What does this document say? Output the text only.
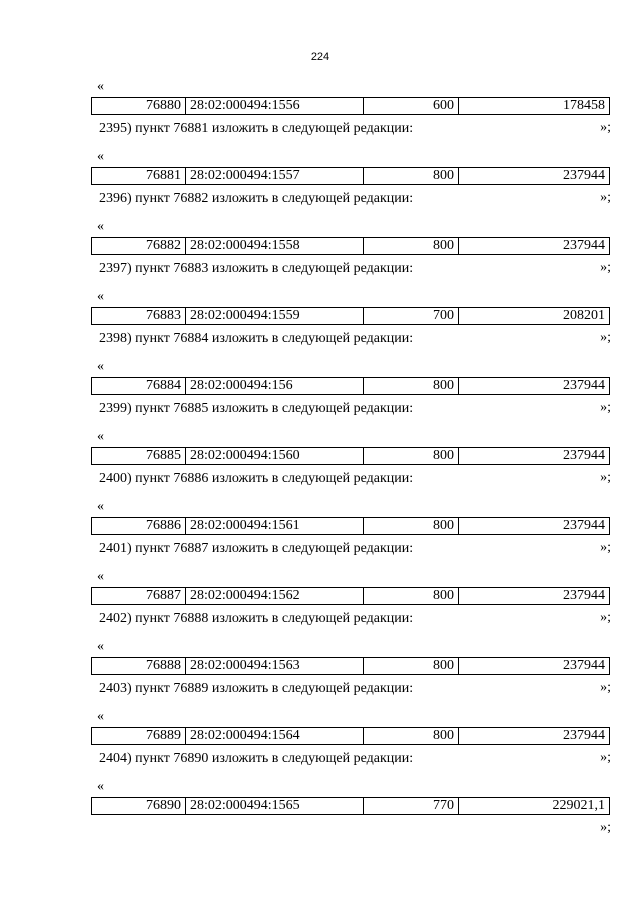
224
«
76880	28:02:000494:1556	600	178458
»;
2395) пункт 76881 изложить в следующей редакции:
«
76881	28:02:000494:1557	800	237944
»;
2396) пункт 76882 изложить в следующей редакции:
«
76882	28:02:000494:1558	800	237944
»;
2397) пункт 76883 изложить в следующей редакции:
«
76883	28:02:000494:1559	700	208201
»;
2398) пункт 76884 изложить в следующей редакции:
«
76884	28:02:000494:156	800	237944
»;
2399) пункт 76885 изложить в следующей редакции:
«
76885	28:02:000494:1560	800	237944
»;
2400) пункт 76886 изложить в следующей редакции:
«
76886	28:02:000494:1561	800	237944
»;
2401) пункт 76887 изложить в следующей редакции:
«
76887	28:02:000494:1562	800	237944
»;
2402) пункт 76888 изложить в следующей редакции:
«
76888	28:02:000494:1563	800	237944
»;
2403) пункт 76889 изложить в следующей редакции:
«
76889	28:02:000494:1564	800	237944
»;
2404) пункт 76890 изложить в следующей редакции:
«
76890	28:02:000494:1565	770	229021,1
»;
